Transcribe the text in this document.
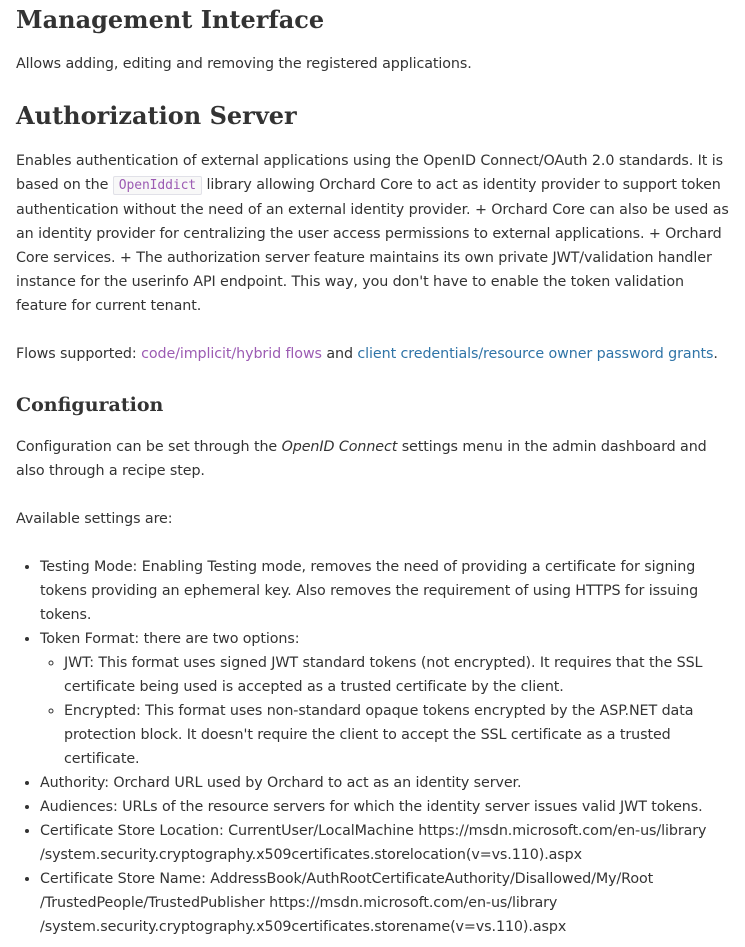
Management Interface

Allows adding, editing and removing the registered applications.

Authorization Server

Enables authentication of external applications using the OpenID Connect/OAuth 2.0 standards. It is based on the OpenIddict library allowing Orchard Core to act as identity provider to support token authentication without the need of an external identity provider. + Orchard Core can also be used as an identity provider for centralizing the user access permissions to external applications. + Orchard Core services. + The authorization server feature maintains its own private JWT/validation handler instance for the userinfo API endpoint. This way, you don't have to enable the token validation feature for current tenant.

Flows supported: code/implicit/hybrid flows and client credentials/resource owner password grants.

Configuration

Configuration can be set through the OpenID Connect settings menu in the admin dashboard and also through a recipe step.

Available settings are:

• Testing Mode: Enabling Testing mode, removes the need of providing a certificate for signing tokens providing an ephemeral key. Also removes the requirement of using HTTPS for issuing tokens.
• Token Format: there are two options:
◦ JWT: This format uses signed JWT standard tokens (not encrypted). It requires that the SSL certificate being used is accepted as a trusted certificate by the client.
◦ Encrypted: This format uses non-standard opaque tokens encrypted by the ASP.NET data protection block. It doesn't require the client to accept the SSL certificate as a trusted certificate.
• Authority: Orchard URL used by Orchard to act as an identity server.
• Audiences: URLs of the resource servers for which the identity server issues valid JWT tokens.
• Certificate Store Location: CurrentUser/LocalMachine https://msdn.microsoft.com/en-us/library
/system.security.cryptography.x509certificates.storelocation(v=vs.110).aspx
• Certificate Store Name: AddressBook/AuthRootCertificateAuthority/Disallowed/My/Root
/TrustedPeople/TrustedPublisher https://msdn.microsoft.com/en-us/library
/system.security.cryptography.x509certificates.storename(v=vs.110).aspx
